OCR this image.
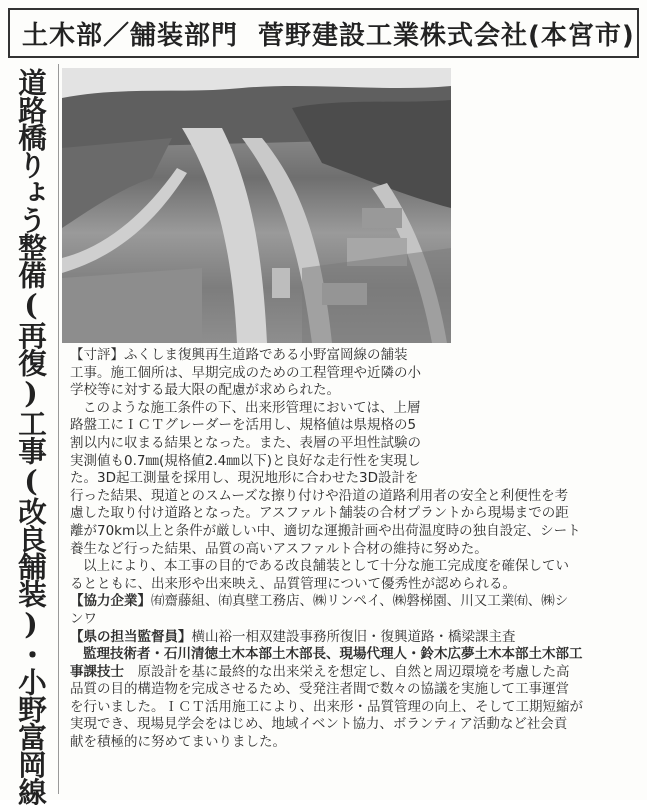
土木部／舗装部門 菅野建設工業株式会社(本宮市)
道路橋りょう整備(再復)工事(改良舗装)・小野富岡線	【寸評】ふくしま復興再生道路である小野富岡線の舗装

工事。施工個所は、早期完成のための工程管理や近隣の小

学校等に対する最大限の配慮が求められた。

このような施工条件の下、出来形管理においては、上層

路盤工にＩＣＴグレーダーを活用し、規格値は県規格の5

割以内に収まる結果となった。また、表層の平坦性試験の

実測値も0.7㎜(規格値2.4㎜以下)と良好な走行性を実現し

た。3D起工測量を採用し、現況地形に合わせた3D設計を

行った結果、現道とのスムーズな擦り付けや沿道の道路利用者の安全と利便性を考

慮した取り付け道路となった。アスファルト舗装の合材プラントから現場までの距

離が70km以上と条件が厳しい中、適切な運搬計画や出荷温度時の独自設定、シート

養生など行った結果、品質の高いアスファルト合材の維持に努めた。

以上により、本工事の目的である改良舗装として十分な施工完成度を確保してい

るとともに、出来形や出来映え、品質管理について優秀性が認められる。

【協力企業】㈲齋藤組、㈲真壁工務店、㈱リンペイ、㈱磐梯園、川又工業㈲、㈱シ

ンワ

【県の担当監督員】横山裕一相双建設事務所復旧・復興道路・橋梁課主査

監理技術者・石川清徳土木本部土木部長、現場代理人・鈴木広夢土木本部土木部工

事課技士　 原設計を基に最終的な出来栄えを想定し、自然と周辺環境を考慮した高

品質の目的構造物を完成させるため、受発注者間で数々の協議を実施して工事運営

を行いました。ＩＣＴ活用施工により、出来形・品質管理の向上、そして工期短縮が

実現でき、現場見学会をはじめ、地域イベント協力、ボランティア活動など社会貢

献を積極的に努めてまいりました。
